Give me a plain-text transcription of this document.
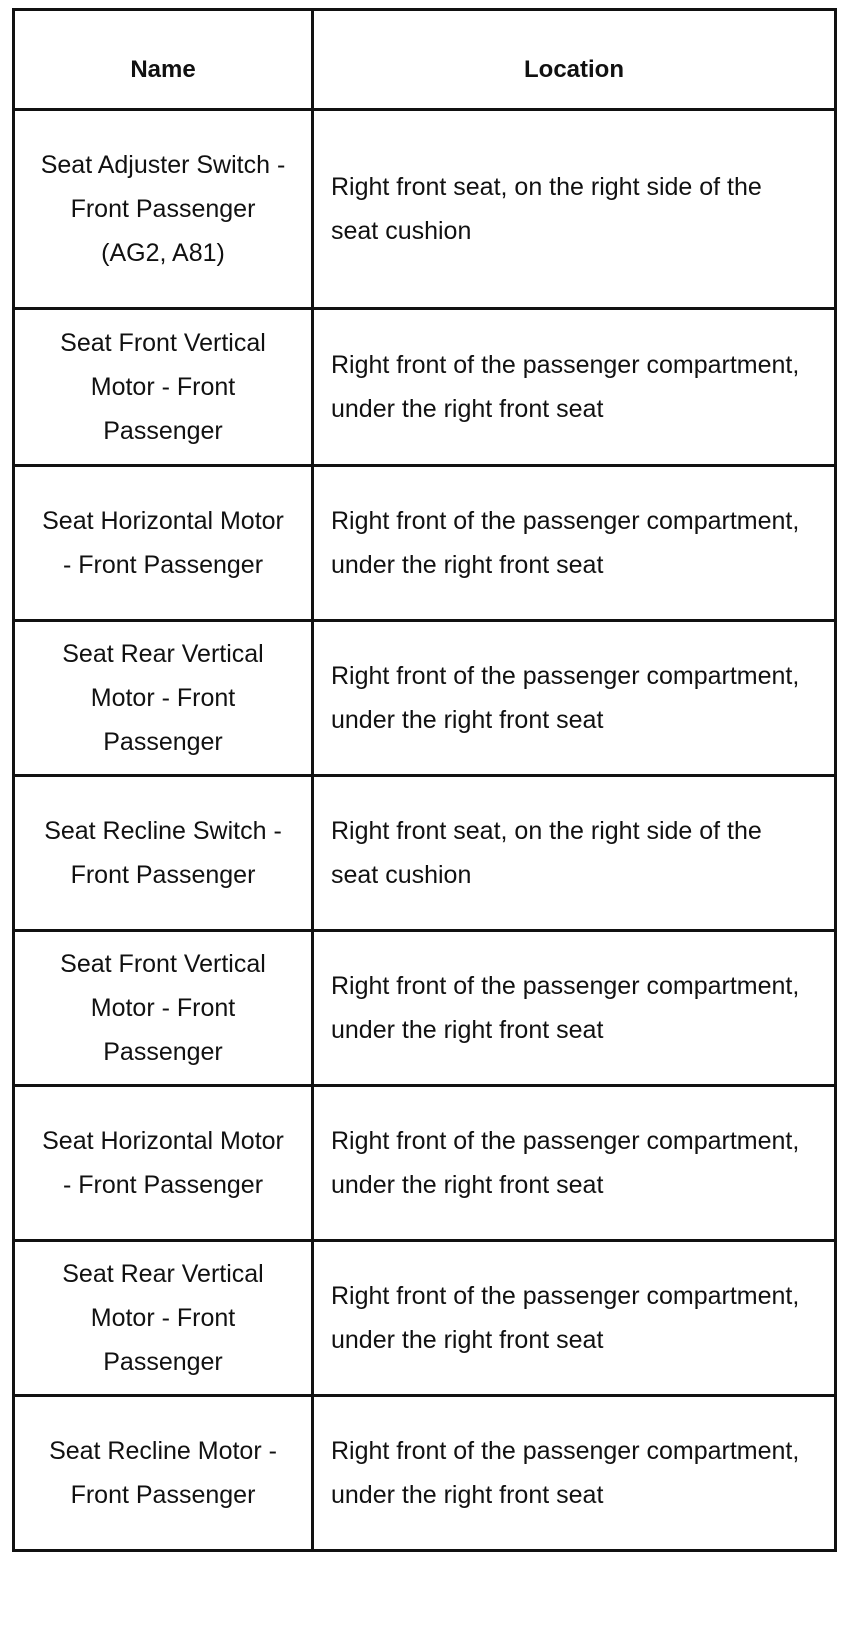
Name	Location
Seat Adjuster Switch - Front Passenger (AG2, A81)	Right front seat, on the right side of the seat cushion
Seat Front Vertical Motor - Front Passenger	Right front of the passenger compartment, under the right front seat
Seat Horizontal Motor - Front Passenger	Right front of the passenger compartment, under the right front seat
Seat Rear Vertical Motor - Front Passenger	Right front of the passenger compartment, under the right front seat
Seat Recline Switch - Front Passenger	Right front seat, on the right side of the seat cushion
Seat Front Vertical Motor - Front Passenger	Right front of the passenger compartment, under the right front seat
Seat Horizontal Motor - Front Passenger	Right front of the passenger compartment, under the right front seat
Seat Rear Vertical Motor - Front Passenger	Right front of the passenger compartment, under the right front seat
Seat Recline Motor - Front Passenger	Right front of the passenger compartment, under the right front seat
